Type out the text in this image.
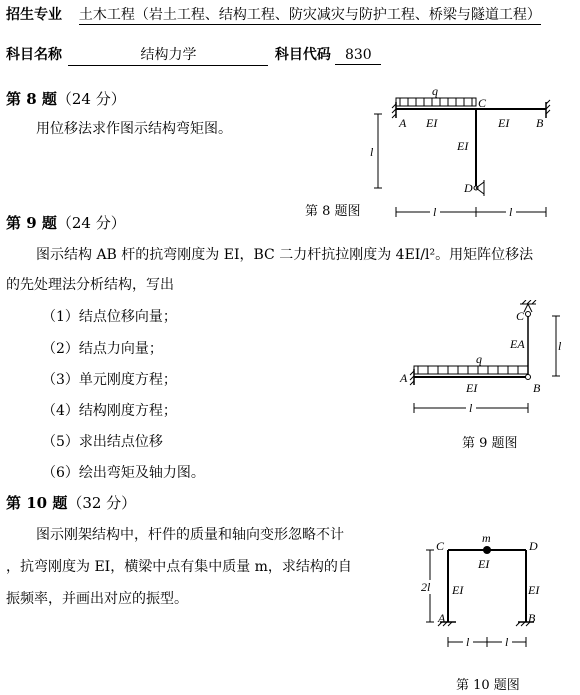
招生专业 土木工程（岩土工程、结构工程、防灾减灾与防护工程、桥梁与隧道工程）
科目名称	结构力学	科目代码 830
第 8 题（24 分）
用位移法求作图示结构弯矩图。
第 8 题图
q
C
A	B
D
EI	EI
EI
l
l	l
第 9 题（24 分）
图示结构 AB 杆的抗弯刚度为 EI，BC 二力杆抗拉刚度为 4EI/l²。用矩阵位移法
的先处理法分析结构，写出
（1）结点位移向量；
（2）结点力向量；
（3）单元刚度方程；
（4）结构刚度方程；
（5）求出结点位移
（6）绘出弯矩及轴力图。
第 9 题图
C
EA	l
q
A
EI	B
l
第 10 题（32 分）
图示刚架结构中，杆件的质量和轴向变形忽略不计
，抗弯刚度为 EI，横梁中点有集中质量 m，求结构的自
振频率，并画出对应的振型。
第 10 题图
m
C	D
EI
EI	EI
A	B
2l
l	l
